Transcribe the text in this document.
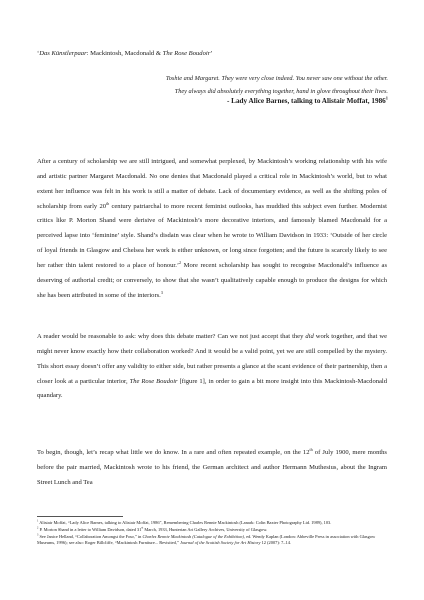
‘Das Künstlerpaar: Mackintosh, Macdonald & The Rose Boudoir’
Toshie and Margaret. They were very close indeed. You never saw one without the other.
They always did absolutely everything together, hand in glove throughout their lives.
- Lady Alice Barnes, talking to Alistair Moffat, 1986$^1$

After a century of scholarship we are still intrigued, and somewhat perplexed, by Mackintosh’s working relationship with his wife and artistic partner Margaret Macdonald. No one denies that Macdonald played a critical role in Mackintosh’s world, but to what extent her influence was felt in his work is still a matter of debate. Lack of documentary evidence, as well as the shifting poles of scholarship from early 20th century patriarchal to more recent feminist outlooks, has muddied this subject even further. Modernist critics like P. Morton Shand were derisive of Mackintosh’s more decorative interiors, and famously blamed Macdonald for a perceived lapse into ‘feminine’ style. Shand’s disdain was clear when he wrote to William Davidson in 1933: ‘Outside of her circle of loyal friends in Glasgow and Chelsea her work is either unknown, or long since forgotten; and the future is scarcely likely to see her rather thin talent restored to a place of honour.’$^2$ More recent scholarship has sought to recognise Macdonald’s influence as deserving of authorial credit; or conversely, to show that she wasn’t qualitatively capable enough to produce the designs for which she has been attributed in some of the interiors.$^3$

A reader would be reasonable to ask: why does this debate matter? Can we not just accept that they did work together, and that we might never know exactly how their collaboration worked? And it would be a valid point, yet we are still compelled by the mystery. This short essay doesn’t offer any validity to either side, but rather presents a glance at the scant evidence of their partnership, then a closer look at a particular interior, The Rose Boudoir [figure 1], in order to gain a bit more insight into this Mackintosh-Macdonald quandary.

To begin, though, let’s recap what little we do know. In a rare and often repeated example, on the 12th of July 1900, mere months before the pair married, Mackintosh wrote to his friend, the German architect and author Hermann Muthesius, about the Ingram Street Lunch and Tea

$^1$ Alistair Moffat, “Lady Alice Barnes, talking to Alistair Moffat, 1986”, Remembering Charles Rennie Mackintosh (Lanark: Colin Baxter Photography Ltd. 1989), 103.

$^2$ P. Morton Shand in a letter to William Davidson, dated 31st March, 1933, Hunterian Art Gallery Archives, University of Glasgow.

$^3$ See Janice Helland, “Collaboration Amongst the Four,” in Charles Rennie Mackintosh (Catalogue of the Exhibition), ed. Wendy Kaplan (London: Abbeville Press in association with Glasgow Museums, 1996); see also: Roger Billcliffe, “Mackintosh Furniture... Revisited,” Journal of the Scottish Society for Art History 12 (2007): 7–14.
